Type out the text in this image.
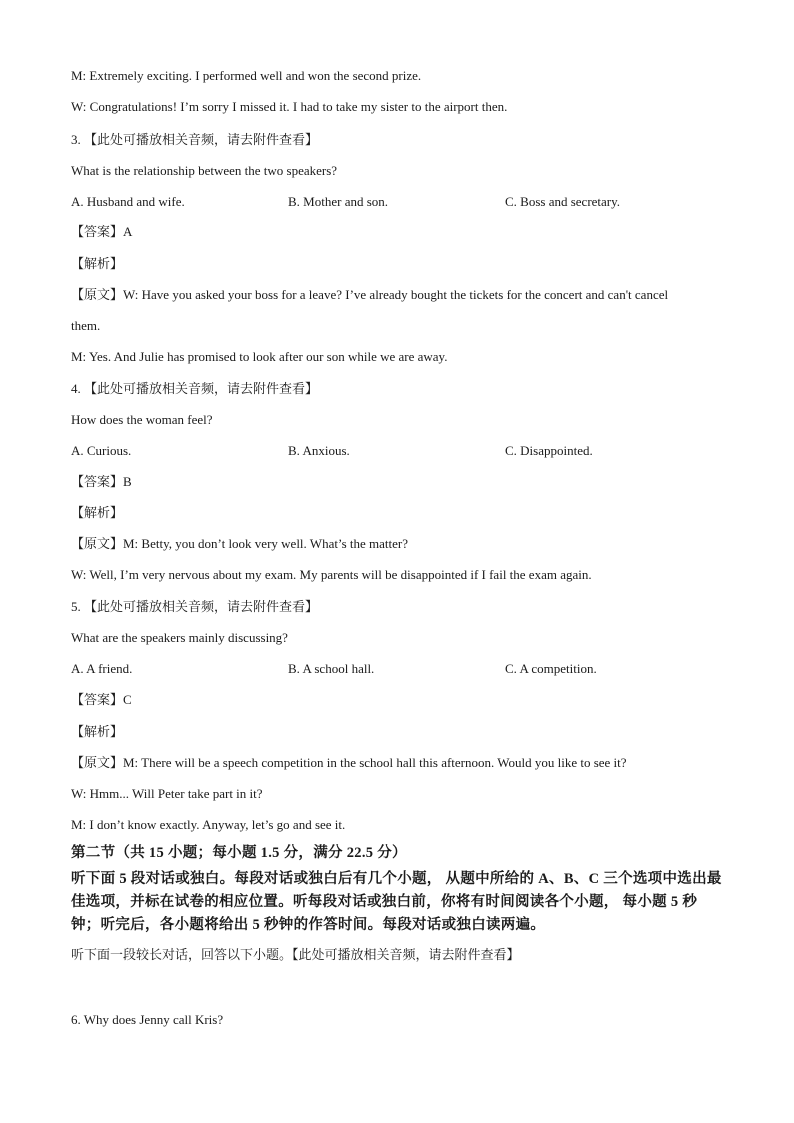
M: Extremely exciting. I performed well and won the second prize.
W: Congratulations! I’m sorry I missed it. I had to take my sister to the airport then.
3. 【此处可播放相关音频，请去附件查看】
What is the relationship between the two speakers?
A. Husband and wife.	B. Mother and son.	C. Boss and secretary.
【答案】A
【解析】
【原文】W: Have you asked your boss for a leave? I’ve already bought the tickets for the concert and can't cancel
them.
M: Yes. And Julie has promised to look after our son while we are away.
4. 【此处可播放相关音频，请去附件查看】
How does the woman feel?
A. Curious.	B. Anxious.	C. Disappointed.
【答案】B
【解析】
【原文】M: Betty, you don’t look very well. What’s the matter?
W: Well, I’m very nervous about my exam. My parents will be disappointed if I fail the exam again.
5. 【此处可播放相关音频，请去附件查看】
What are the speakers mainly discussing?
A. A friend.	B. A school hall.	C. A competition.
【答案】C
【解析】
【原文】M: There will be a speech competition in the school hall this afternoon. Would you like to see it?
W: Hmm... Will Peter take part in it?
M: I don’t know exactly. Anyway, let’s go and see it.
第二节（共 15 小题；每小题 1.5 分，满分 22.5 分）
听下面 5 段对话或独白。每段对话或独白后有几个小题， 从题中所给的 A、B、C 三个选项中选出最佳选项，并标在试卷的相应位置。听每段对话或独白前，你将有时间阅读各个小题， 每小题 5 秒钟；听完后，各小题将给出 5 秒钟的作答时间。每段对话或独白读两遍。
听下面一段较长对话，回答以下小题。【此处可播放相关音频，请去附件查看】
6. Why does Jenny call Kris?
